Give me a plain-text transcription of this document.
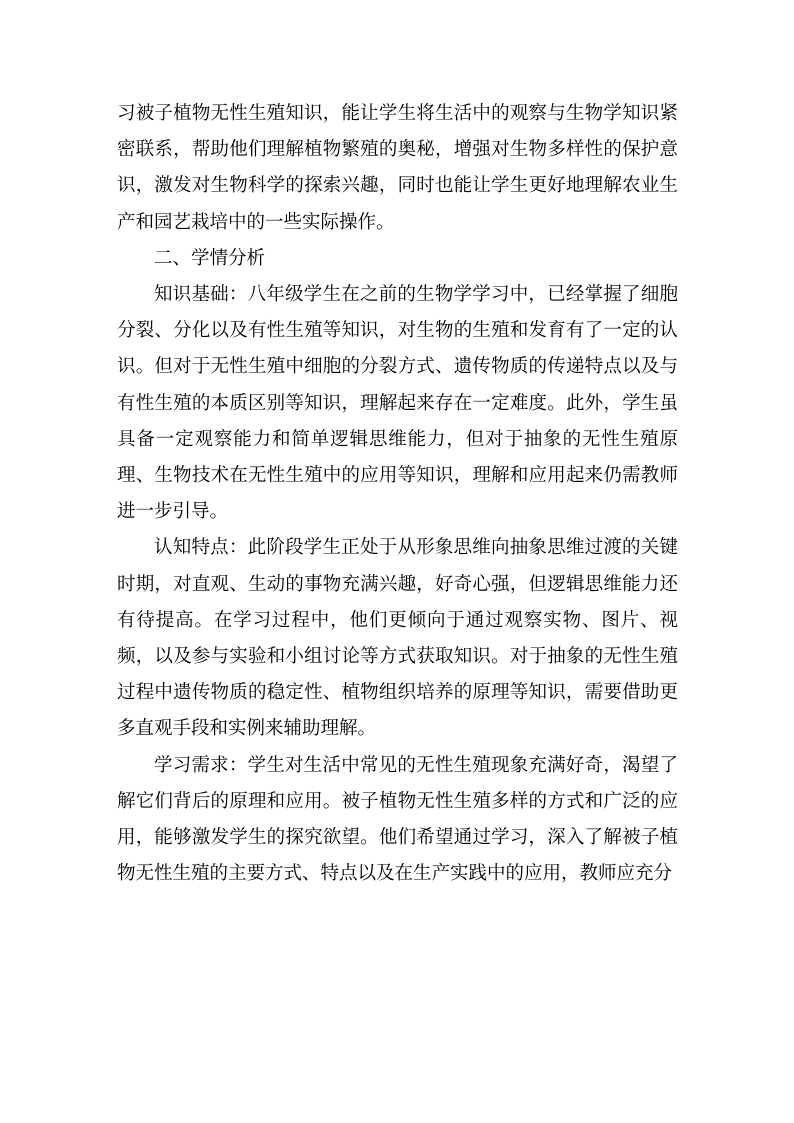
习被子植物无性生殖知识，能让学生将生活中的观察与生物学知识紧密联系，帮助他们理解植物繁殖的奥秘，增强对生物多样性的保护意识，激发对生物科学的探索兴趣，同时也能让学生更好地理解农业生产和园艺栽培中的一些实际操作。

二、学情分析

知识基础：八年级学生在之前的生物学学习中，已经掌握了细胞分裂、分化以及有性生殖等知识，对生物的生殖和发育有了一定的认识。但对于无性生殖中细胞的分裂方式、遗传物质的传递特点以及与有性生殖的本质区别等知识，理解起来存在一定难度。此外，学生虽具备一定观察能力和简单逻辑思维能力，但对于抽象的无性生殖原理、生物技术在无性生殖中的应用等知识，理解和应用起来仍需教师进一步引导。

认知特点：此阶段学生正处于从形象思维向抽象思维过渡的关键时期，对直观、生动的事物充满兴趣，好奇心强，但逻辑思维能力还有待提高。在学习过程中，他们更倾向于通过观察实物、图片、视频，以及参与实验和小组讨论等方式获取知识。对于抽象的无性生殖过程中遗传物质的稳定性、植物组织培养的原理等知识，需要借助更多直观手段和实例来辅助理解。

学习需求：学生对生活中常见的无性生殖现象充满好奇，渴望了解它们背后的原理和应用。被子植物无性生殖多样的方式和广泛的应用，能够激发学生的探究欲望。他们希望通过学习，深入了解被子植物无性生殖的主要方式、特点以及在生产实践中的应用，教师应充分
